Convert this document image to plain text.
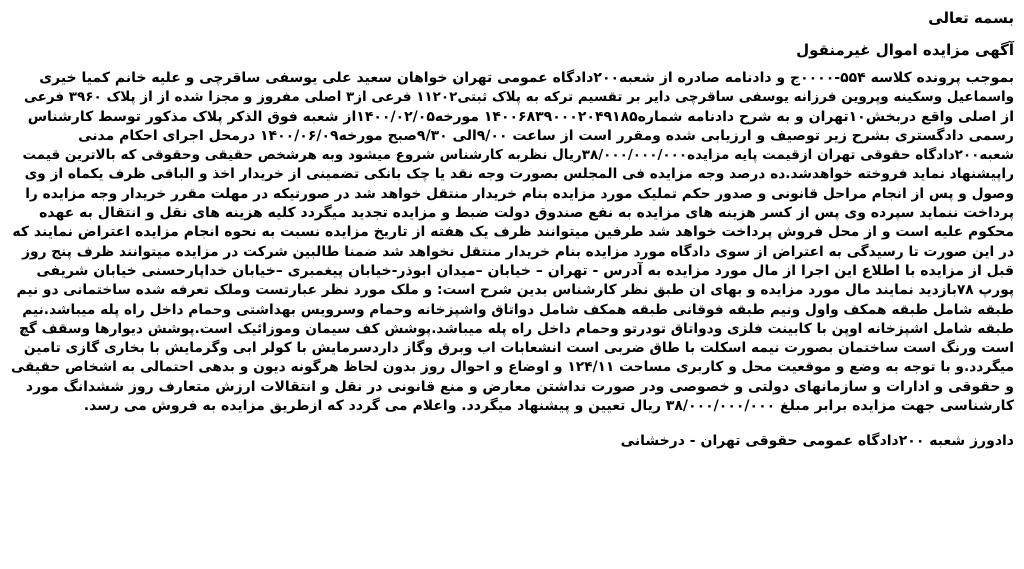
بسمه تعالی
آگهی مزایده اموال غیرمنقول
بموجب پرونده کلاسه ۵۵۴-۰۰۰۰ج و دادنامه صادره از شعبه۲۰۰دادگاه عمومی تهران خواهان سعید علی یوسفی ساقرچی و علیه خانم کمیا خیری
واسماعیل وسکینه وپروین فرزانه یوسفی ساقرچی دایر بر تقسیم ترکه به پلاک ثبتی۱۱۲۰۲ فرعی از۳ اصلی مفروز و مجزا شده از از پلاک ۳۹۶۰ فرعی
از اصلی واقع دربخش۱۰تهران و به شرح دادنامه شماره۱۴۰۰۶۸۳۹۰۰۰۲۰۴۹۱۸۵ مورخه۱۴۰۰/۰۲/۰۵از شعبه فوق الذکر پلاک مذکور توسط کارشناس
رسمی دادگستری بشرح زیر توصیف و ارزیابی شده ومقرر است از ساعت ۹/۰۰الی ۹/۳۰صبح مورخه۱۴۰۰/۰۶/۰۹ درمحل اجرای احکام مدنی
شعبه۲۰۰دادگاه حقوقی تهران ازقیمت پایه مزایده۳۸/۰۰۰/۰۰۰/۰۰۰ریال نظربه کارشناس شروع میشود وبه هرشخص حقیقی وحقوقی که بالاترین قیمت
راپیشنهاد نماید فروخته خواهدشد.ده درصد وجه مزایده فی المجلس بصورت وجه نقد یا چک بانکی تضمینی از خریدار اخذ و الباقی ظرف یکماه از وی
وصول و پس از انجام مراحل قانونی و صدور حکم تملیک مورد مزایده بنام خریدار منتقل خواهد شد در صورتیکه در مهلت مقرر خریدار وجه مزایده را
پرداخت ننماید سپرده وی پس از کسر هزینه های مزایده به نفع صندوق دولت ضبط و مزایده تجدید میگردد کلیه هزینه های نقل و انتقال به عهده
محکوم علیه است و از محل فروش پرداخت خواهد شد طرفین میتوانند ظرف یک هفته از تاریخ مزایده نسبت به نحوه انجام مزایده اعتراض نمایند که
در این صورت تا رسیدگی به اعتراض از سوی دادگاه مورد مزایده بنام خریدار منتقل نخواهد شد ضمنا طالبین شرکت در مزایده میتوانند ظرف پنج روز
قبل از مزایده با اطلاع این اجرا از مال مورد مزایده به آدرس - تهران – خیابان –میدان ابوذر-خیابان پیغمبری –خیابان خداپارحسنی خیابان شریفی
پورپ ۷۸بازدید نمایند مال مورد مزایده و بهای ان طبق نظر کارشناس بدین شرح است: و ملک مورد نظر عبارتست وملک تعرفه شده ساختمانی دو نیم
طبقه شامل طبقه همکف واول ونیم طبقه فوقانی طبقه همکف شامل دواتاق واشپزخانه وحمام وسرویس بهداشتی وحمام داخل راه پله میباشد.نیم
طبقه شامل اشپزخانه اوپن با کابینت فلزی ودواتاق تودرتو وحمام داخل راه پله میباشد.پوشش کف سیمان وموزائیک است.پوشش دیوارها وسقف گچ
است ورنگ است ساختمان بصورت نیمه اسکلت با طاق ضربی است انشعابات اب وبرق وگاز داردسرمایش با کولر ابی وگرمایش با بخاری گازی تامین
میگردد.و با توجه به وضع و موقعیت محل و کاربری مساحت ۱۲۴/۱۱ و اوضاع و احوال روز بدون لحاظ هرگونه دیون و بدهی احتمالی به اشخاص حقیقی
و حقوقی و ادارات و سازمانهای دولتی و خصوصی ودر صورت نداشتن معارض و منع قانونی در نقل و انتقالات ارزش متعارف روز ششدانگ مورد
کارشناسی جهت مزایده برابر مبلغ ۳۸/۰۰۰/۰۰۰/۰۰۰ ریال تعیین و پیشنهاد میگردد. واعلام می گردد که ازطریق مزایده به فروش می رسد.
دادورز شعبه ۲۰۰دادگاه عمومی حقوقی تهران - درخشانی
